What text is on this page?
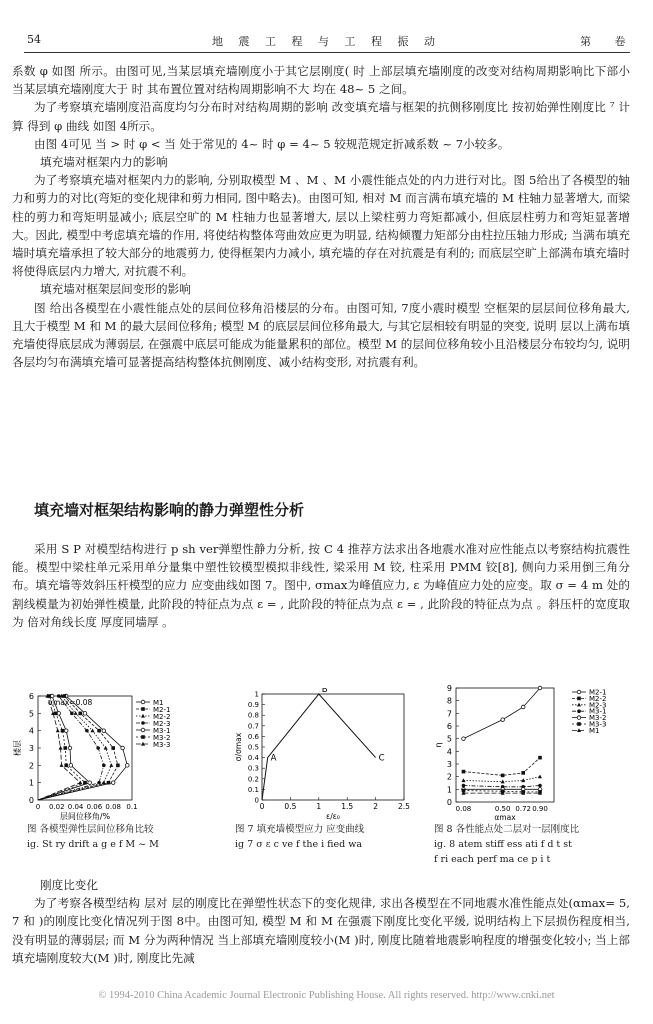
54	地 震 工 程 与 工 程 振 动	第 卷

系数 φ 如图 所示。由图可见,当某层填充墙刚度小于其它层刚度( 时 上部层填充墙刚度的改变对结构周期影响比下部小 当某层填充墙刚度大于 时 其布置位置对结构周期影响不大 均在 48~ 5 之间。

为了考察填充墙刚度沿高度均匀分布时对结构周期的影响 改变填充墙与框架的抗侧移刚度比 按初始弹性刚度比 ⁷ 计算 得到 φ 曲线 如图 4所示。

由图 4可见 当 > 时 φ < 当 处于常见的 4~ 时 φ = 4~ 5 较规范规定折减系数 ~ 7小较多。

填充墙对框架内力的影响

为了考察填充墙对框架内力的影响, 分别取模型 M 、M 、M 小震性能点处的内力进行对比。图 5给出了各模型的轴力和剪力的对比(弯矩的变化规律和剪力相同, 图中略去)。由图可知, 相对 M 而言满布填充墙的 M 柱轴力显著增大, 而梁柱的剪力和弯矩明显减小; 底层空旷的 M 柱轴力也显著增大, 层以上梁柱剪力弯矩都减小, 但底层柱剪力和弯矩显著增大。因此, 模型中考虑填充墙的作用, 将使结构整体弯曲效应更为明显, 结构倾覆力矩部分由柱拉压轴力形成; 当满布填充墙时填充墙承担了较大部分的地震剪力, 使得框架内力减小, 填充墙的存在对抗震是有利的; 而底层空旷上部满布填充墙时将使得底层内力增大, 对抗震不利。

填充墙对框架层间变形的影响

图 给出各模型在小震性能点处的层间位移角沿楼层的分布。由图可知, 7度小震时模型 空框架的层层间位移角最大, 且大于模型 M 和 M 的最大层间位移角; 模型 M 的底层层间位移角最大, 与其它层相较有明显的突变, 说明 层以上满布填充墙使得底层成为薄弱层, 在强震中底层可能成为能量累积的部位。模型 M 的层间位移角较小且沿楼层分布较均匀, 说明各层均匀布满填充墙可显著提高结构整体抗侧刚度、减小结构变形, 对抗震有利。

填充墙对框架结构影响的静力弹塑性分析

采用 S P 对模型结构进行 p sh ver弹塑性静力分析, 按 C 4 推荐方法求出各地震水准对应性能点以考察结构抗震性能。模型中梁柱单元采用单分量集中塑性铰模型模拟非线性, 梁采用 M 铰, 柱采用 PMM 铰[8], 侧向力采用倒三角分布。填充墙等效斜压杆模型的应力 应变曲线如图 7。图中, σmax为峰值应力, ε 为峰值应力处的应变。取 σ = 4 m 处的割线模量为初始弹性模量, 此阶段的特征点为点 ε = , 此阶段的特征点为点 ε = , 此阶段的特征点为点 。斜压杆的宽度取为 倍对角线长度 厚度同墙厚 。

0
1
2
3
4
5
6
0 0.02 0.04 0.06 0.08 0.1
楼层
层间位移角/%
αmax=0.08	M1
M2-1
M2-2
M2-3
M3-1
M3-2
M3-3
图 各模型弹性层间位移角比较
ig. St ry drift a g e f M ~ M
0
0.1
0.2
0.3
0.4
0.5
0.6
0.7
0.8
0.9
1
0	0.5	1	1.5	2	2.5
σ/σmax
ε/ε₀
A
B
C
图 7 填充墙模型应力 应变曲线
ig 7 σ ε c ve f the i fied wa
0
1
2
3
4
5
6
7
8
9
0.08	0.50 0.72 0.90
η
αmax
M2-1
M2-2
M2-3
M3-1
M3-2
M3-3
M1
图 8 各性能点处二层对一层刚度比
ig. 8 atem stiff ess ati f d t st
f ri each perf ma ce p i t

刚度比变化

为了考察各模型结构 层对 层的刚度比在弹塑性状态下的变化规律, 求出各模型在不同地震水准性能点处(αmax= 5, 7 和 )的刚度比变化情况列于图 8中。由图可知, 模型 M 和 M 在强震下刚度比变化平缓, 说明结构上下层损伤程度相当, 没有明显的薄弱层; 而 M 分为两种情况 当上部填充墙刚度较小(M )时, 刚度比随着地震影响程度的增强变化较小; 当上部填充墙刚度较大(M )时, 刚度比先减

© 1994-2010 China Academic Journal Electronic Publishing House. All rights reserved. http://www.cnki.net
